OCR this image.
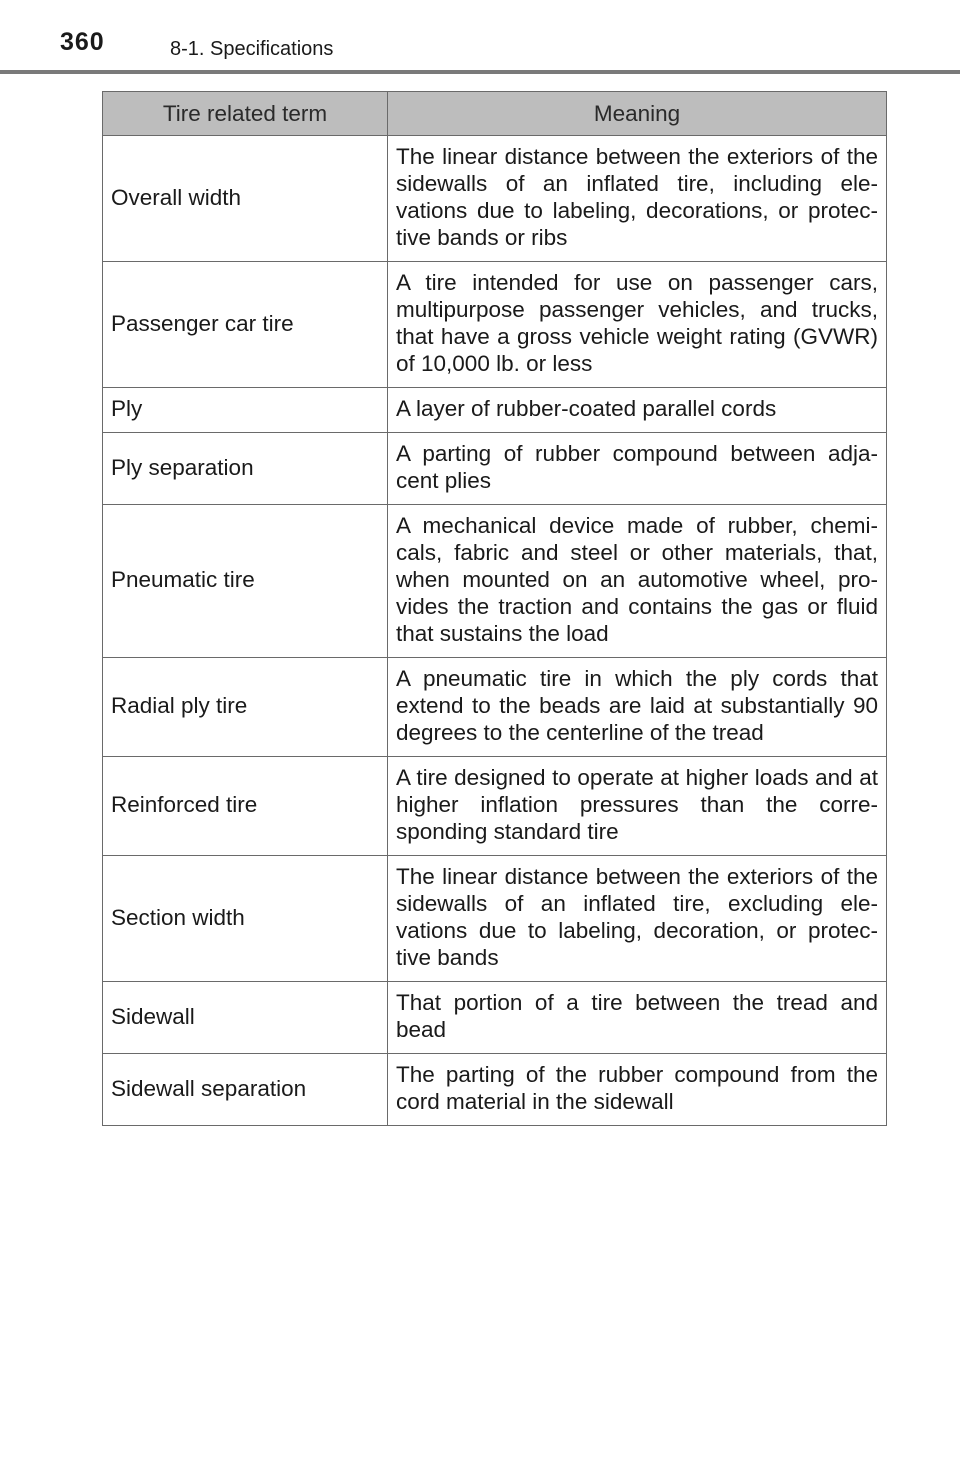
360	8-1. Specifications
Tire related term	Meaning
Overall width	The linear distance between the exteriors of the sidewalls of an inflated tire, including ele- vations due to labeling, decorations, or protec- tive bands or ribs
Passenger car tire	A tire intended for use on passenger cars, multipurpose passenger vehicles, and trucks, that have a gross vehicle weight rating (GVWR) of 10,000 lb. or less
Ply	A layer of rubber-coated parallel cords
Ply separation	A parting of rubber compound between adja- cent plies
Pneumatic tire	A mechanical device made of rubber, chemi- cals, fabric and steel or other materials, that, when mounted on an automotive wheel, pro- vides the traction and contains the gas or fluid that sustains the load
Radial ply tire	A pneumatic tire in which the ply cords that extend to the beads are laid at substantially 90 degrees to the centerline of the tread
Reinforced tire	A tire designed to operate at higher loads and at higher inflation pressures than the corre- sponding standard tire
Section width	The linear distance between the exteriors of the sidewalls of an inflated tire, excluding ele- vations due to labeling, decoration, or protec- tive bands
Sidewall	That portion of a tire between the tread and bead
Sidewall separation	The parting of the rubber compound from the cord material in the sidewall
